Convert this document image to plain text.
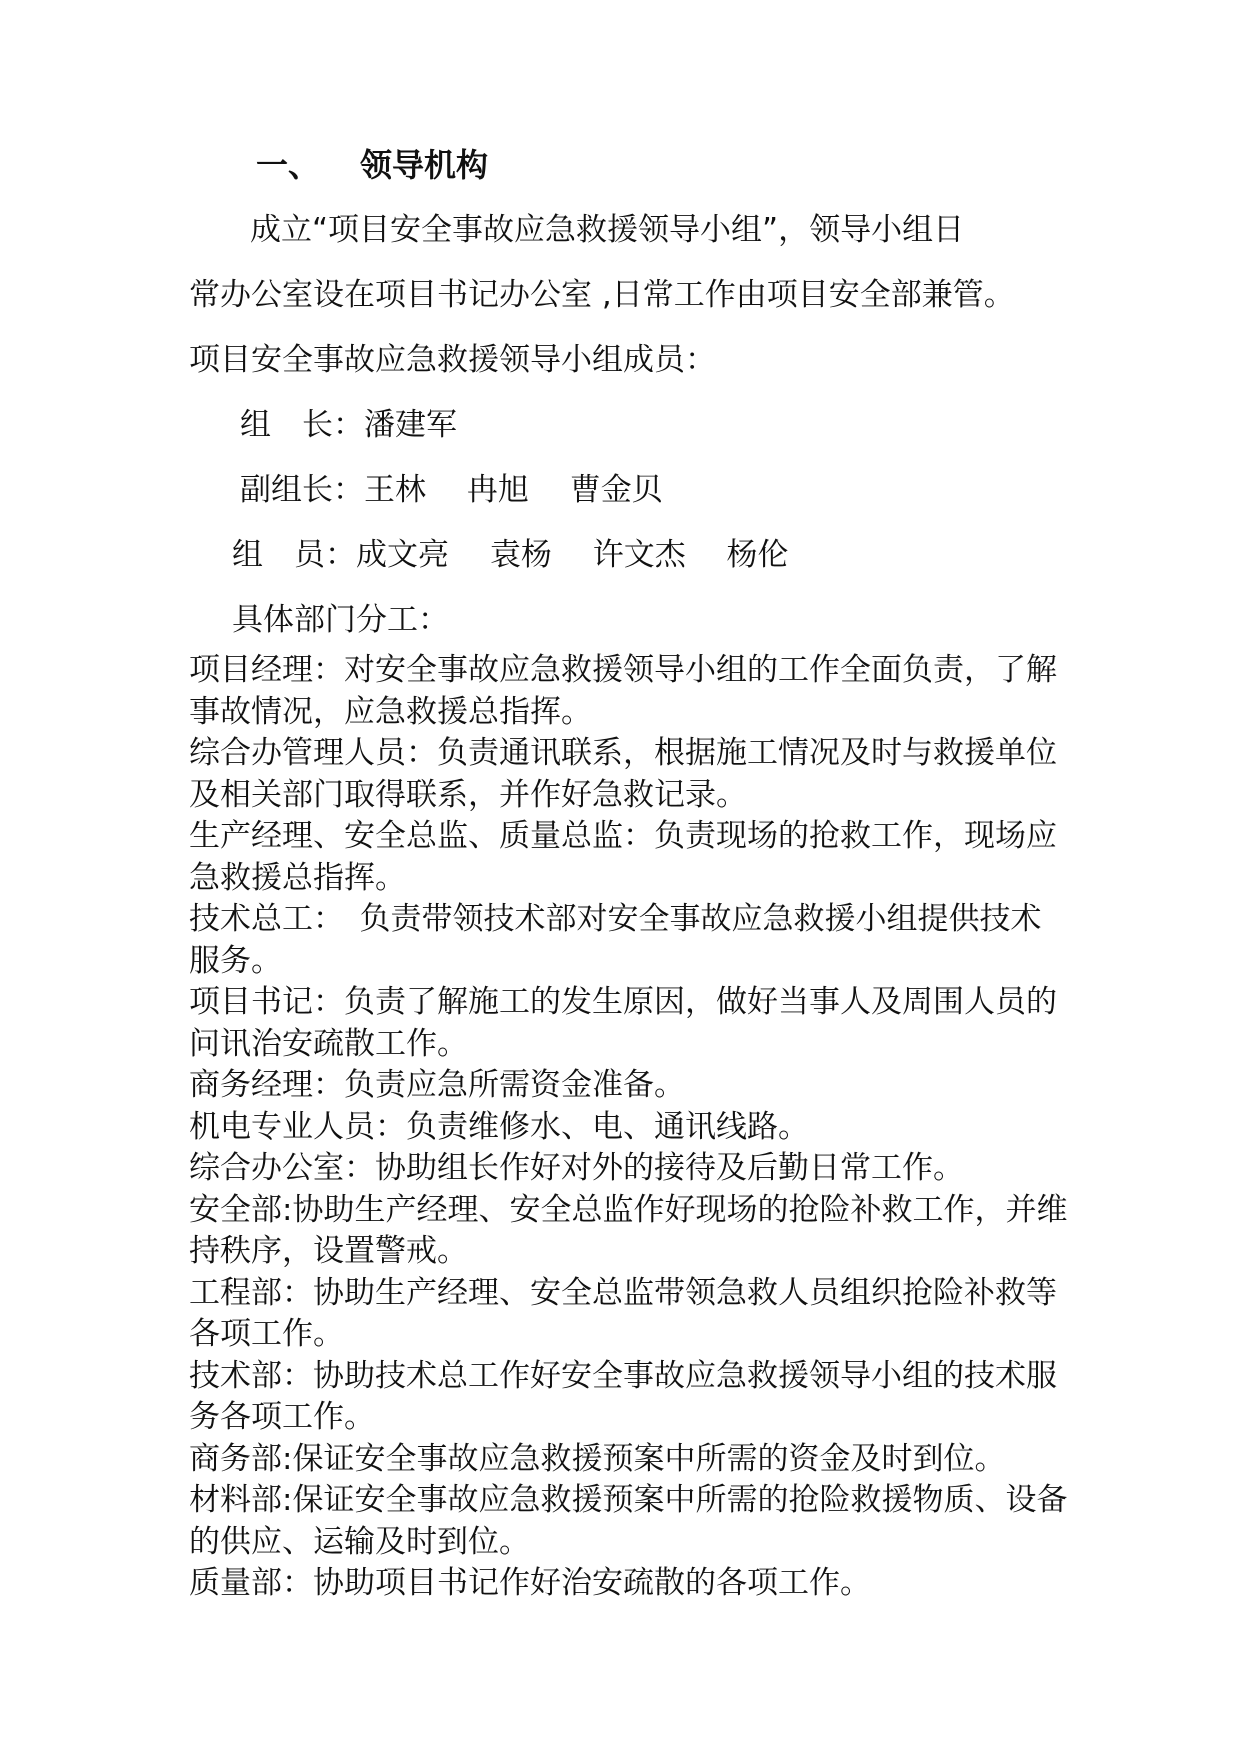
一、 领导机构
成立“项目安全事故应急救援领导小组”，领导小组日
常办公室设在项目书记办公室 ,日常工作由项目安全部兼管。
项目安全事故应急救援领导小组成员：
组　长：潘建军
副组长：王林　 冉旭　 曹金贝
组　员：成文亮　 袁杨　 许文杰　 杨伦
具体部门分工：

项目经理：对安全事故应急救援领导小组的工作全面负责，了解事故情况，应急救援总指挥。

综合办管理人员：负责通讯联系，根据施工情况及时与救援单位及相关部门取得联系，并作好急救记录。

生产经理、安全总监、质量总监：负责现场的抢救工作，现场应急救援总指挥。

技术总工：　负责带领技术部对安全事故应急救援小组提供技术服务。

项目书记：负责了解施工的发生原因，做好当事人及周围人员的问讯治安疏散工作。

商务经理：负责应急所需资金准备。

机电专业人员：负责维修水、电、通讯线路。

综合办公室：协助组长作好对外的接待及后勤日常工作。

安全部:协助生产经理、安全总监作好现场的抢险补救工作，并维持秩序，设置警戒。

工程部：协助生产经理、安全总监带领急救人员组织抢险补救等各项工作。

技术部：协助技术总工作好安全事故应急救援领导小组的技术服务各项工作。

商务部:保证安全事故应急救援预案中所需的资金及时到位。

材料部:保证安全事故应急救援预案中所需的抢险救援物质、设备的供应、运输及时到位。

质量部：协助项目书记作好治安疏散的各项工作。
